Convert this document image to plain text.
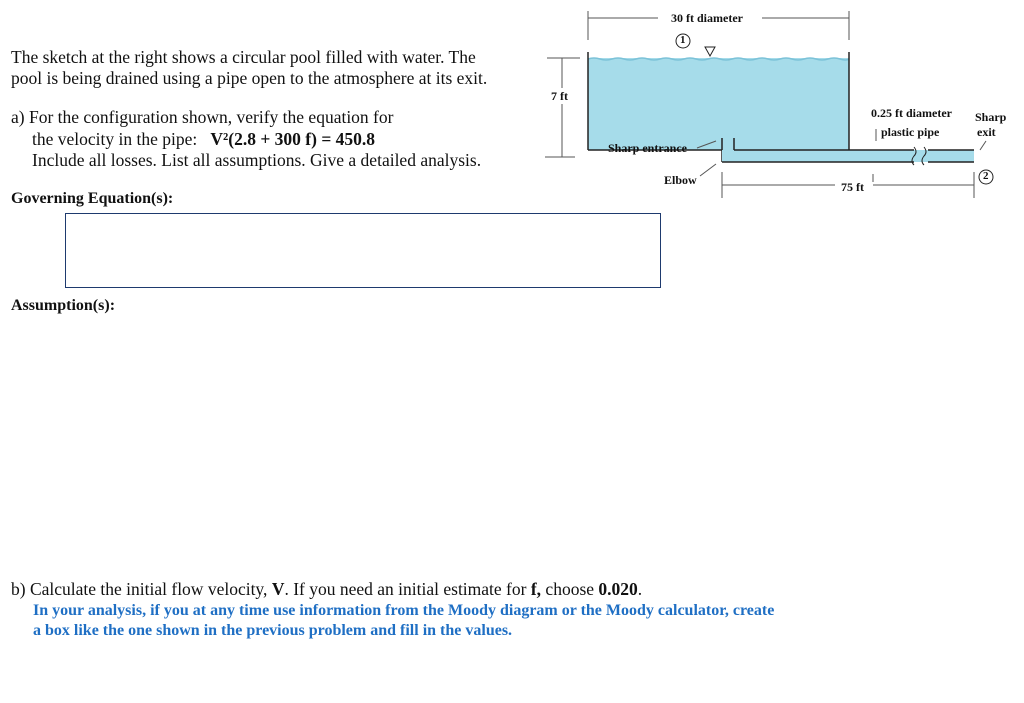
The sketch at the right shows a circular pool filled with water. The
pool is being drained using a pipe open to the atmosphere at its exit.
a) For the configuration shown, verify the equation for
the velocity in the pipe: V²(2.8 + 300 f) = 450.8
Include all losses. List all assumptions. Give a detailed analysis.
Governing Equation(s):
Assumption(s):
b) Calculate the initial flow velocity, V. If you need an initial estimate for f, choose 0.020.
In your analysis, if you at any time use information from the Moody diagram or the Moody calculator, create
a box like the one shown in the previous problem and fill in the values.
30 ft diameter
1
7 ft
Sharp entrance
Elbow	75 ft
0.25 ft diameter
plastic pipe
Sharp
exit
2
